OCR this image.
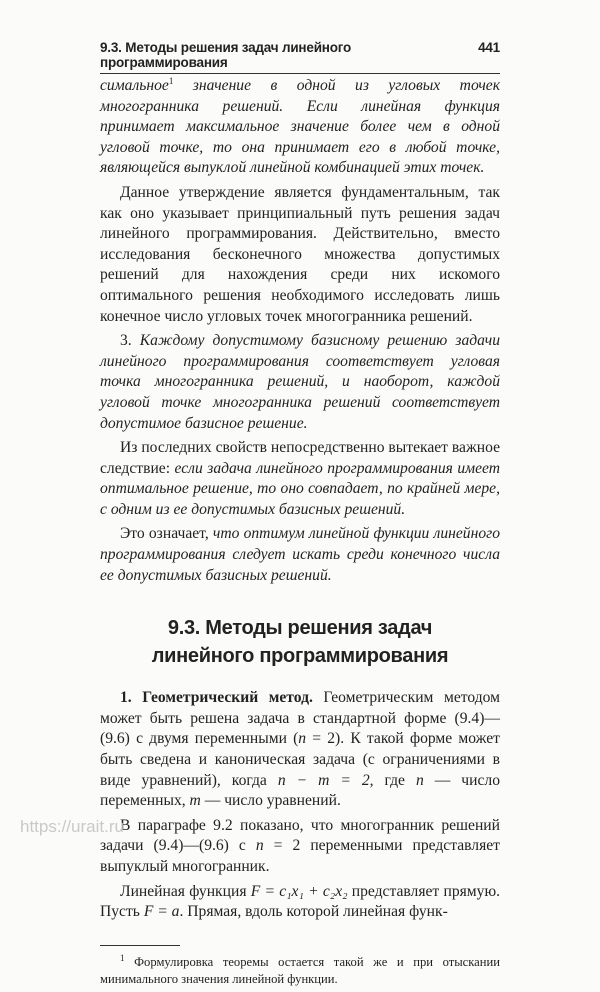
9.3. Методы решения задач линейного программирования
441

симальное$^1$ значение в одной из угловых точек многогранника решений. Если линейная функция принимает максимальное значение более чем в одной угловой точке, то она принимает его в любой точке, являющейся выпуклой линейной комбинацией этих точек.

Данное утверждение является фундаментальным, так как оно указывает принципиальный путь решения задач линейного программирования. Действительно, вместо исследования бесконечного множества допустимых решений для нахождения среди них искомого оптимального решения необходимого исследовать лишь конечное число угловых точек многогранника решений.

3. Каждому допустимому базисному решению задачи линейного программирования соответствует угловая точка многогранника решений, и наоборот, каждой угловой точке многогранника решений соответствует допустимое базисное решение.

Из последних свойств непосредственно вытекает важное следствие: если задача линейного программирования имеет оптимальное решение, то оно совпадает, по крайней мере, с одним из ее допустимых базисных решений.

Это означает, что оптимум линейной функции линейного программирования следует искать среди конечного числа ее допустимых базисных решений.

9.3. Методы решения задач
линейного программирования

1. Геометрический метод. Геометрическим методом может быть решена задача в стандартной форме (9.4)—(9.6) с двумя переменными (n = 2). К такой форме может быть сведена и каноническая задача (с ограничениями в виде уравнений), когда n − m = 2, где n — число переменных, m — число уравнений.

В параграфе 9.2 показано, что многогранник решений задачи (9.4)—(9.6) с n = 2 переменными представляет выпуклый многогранник.

Линейная функция F = c₁x₁ + c₂x₂ представляет прямую. Пусть F = a. Прямая, вдоль которой линейная функ-

$^1$ Формулировка теоремы остается такой же и при отыскании минимального значения линейной функции.

https://urait.ru
